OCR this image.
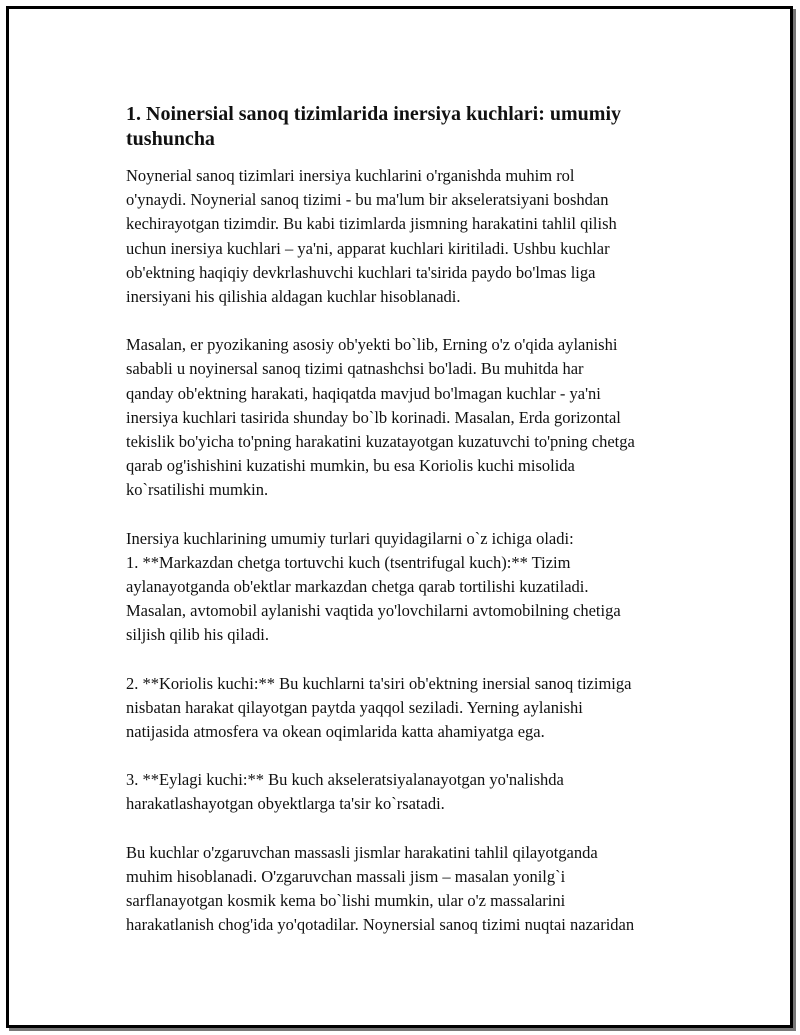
1. Noinersial sanoq tizimlarida inersiya kuchlari: umumiy tushuncha

Noynerial sanoq tizimlari inersiya kuchlarini o'rganishda muhim rol
o'ynaydi. Noynerial sanoq tizimi - bu ma'lum bir akseleratsiyani boshdan
kechirayotgan tizimdir. Bu kabi tizimlarda jismning harakatini tahlil qilish
uchun inersiya kuchlari – ya'ni, apparat kuchlari kiritiladi. Ushbu kuchlar
ob'ektning haqiqiy devkrlashuvchi kuchlari ta'sirida paydo bo'lmas liga
inersiyani his qilishia aldagan kuchlar hisoblanadi.

Masalan, er pyozikaning asosiy ob'yekti bo`lib, Erning o'z o'qida aylanishi
sababli u noyinersal sanoq tizimi qatnashchsi bo'ladi. Bu muhitda har
qanday ob'ektning harakati, haqiqatda mavjud bo'lmagan kuchlar - ya'ni
inersiya kuchlari tasirida shunday bo`lb korinadi. Masalan, Erda gorizontal
tekislik bo'yicha to'pning harakatini kuzatayotgan kuzatuvchi to'pning chetga
qarab og'ishishini kuzatishi mumkin, bu esa Koriolis kuchi misolida
ko`rsatilishi mumkin.

Inersiya kuchlarining umumiy turlari quyidagilarni o`z ichiga oladi:
1. **Markazdan chetga tortuvchi kuch (tsentrifugal kuch):** Tizim
aylanayotganda ob'ektlar markazdan chetga qarab tortilishi kuzatiladi.
Masalan, avtomobil aylanishi vaqtida yo'lovchilarni avtomobilning chetiga
siljish qilib his qiladi.

2. **Koriolis kuchi:** Bu kuchlarni ta'siri ob'ektning inersial sanoq tizimiga
nisbatan harakat qilayotgan paytda yaqqol seziladi. Yerning aylanishi
natijasida atmosfera va okean oqimlarida katta ahamiyatga ega.

3. **Eylagi kuchi:** Bu kuch akseleratsiyalanayotgan yo'nalishda
harakatlashayotgan obyektlarga ta'sir ko`rsatadi.

Bu kuchlar o'zgaruvchan massasli jismlar harakatini tahlil qilayotganda
muhim hisoblanadi. O'zgaruvchan massali jism – masalan yonilg`i
sarflanayotgan kosmik kema bo`lishi mumkin, ular o'z massalarini
harakatlanish chog'ida yo'qotadilar. Noynersial sanoq tizimi nuqtai nazaridan
